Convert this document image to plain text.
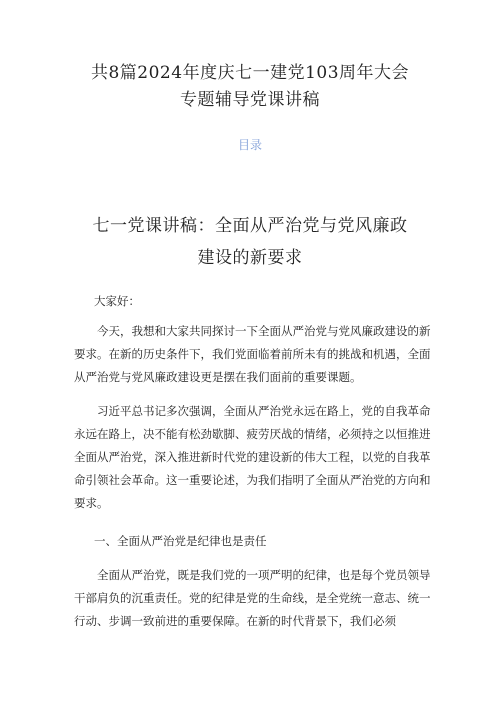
共8篇2024年度庆七一建党103周年大会
专题辅导党课讲稿
目录
七一党课讲稿：全面从严治党与党风廉政
建设的新要求
大家好：

今天，我想和大家共同探讨一下全面从严治党与党风廉政建设的新要求。在新的历史条件下，我们党面临着前所未有的挑战和机遇，全面从严治党与党风廉政建设更是摆在我们面前的重要课题。

习近平总书记多次强调，全面从严治党永远在路上，党的自我革命永远在路上，决不能有松劲歇脚、疲劳厌战的情绪，必须持之以恒推进全面从严治党，深入推进新时代党的建设新的伟大工程，以党的自我革命引领社会革命。这一重要论述，为我们指明了全面从严治党的方向和要求。

一、全面从严治党是纪律也是责任

全面从严治党，既是我们党的一项严明的纪律，也是每个党员领导干部肩负的沉重责任。党的纪律是党的生命线，是全党统一意志、统一行动、步调一致前进的重要保障。在新的时代背景下，我们必须
